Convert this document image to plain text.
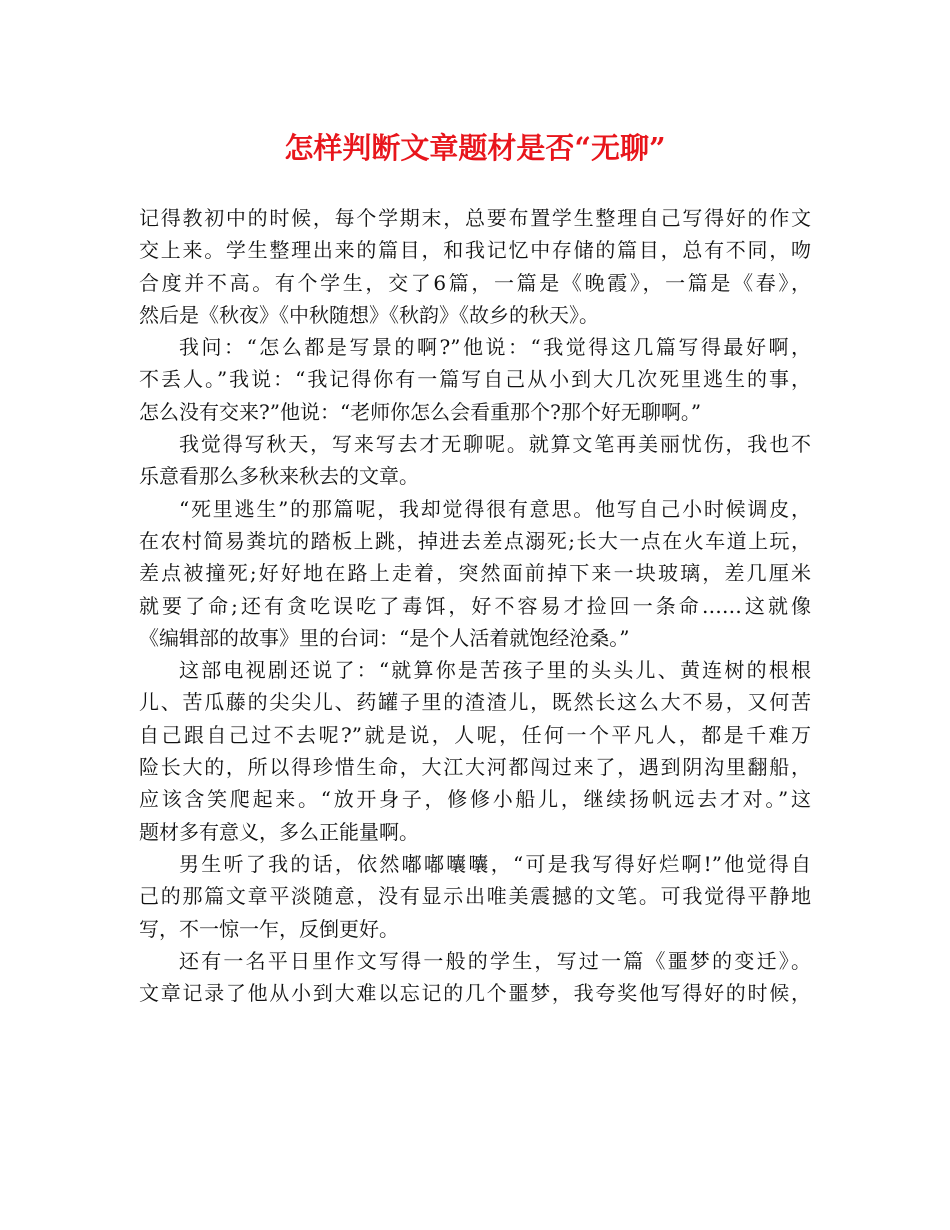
怎样判断文章题材是否“无聊”
记得教初中的时候，每个学期末，总要布置学生整理自己写得好的作文
交上来。学生整理出来的篇目，和我记忆中存储的篇目，总有不同，吻
合度并不高。有个学生，交了6篇，一篇是《晚霞》，一篇是《春》，
然后是《秋夜》《中秋随想》《秋韵》《故乡的秋天》。
我问：“怎么都是写景的啊?”他说：“我觉得这几篇写得最好啊，
不丢人。”我说：“我记得你有一篇写自己从小到大几次死里逃生的事，
怎么没有交来?”他说：“老师你怎么会看重那个?那个好无聊啊。”
我觉得写秋天，写来写去才无聊呢。就算文笔再美丽忧伤，我也不
乐意看那么多秋来秋去的文章。
“死里逃生”的那篇呢，我却觉得很有意思。他写自己小时候调皮，
在农村简易粪坑的踏板上跳，掉进去差点溺死;长大一点在火车道上玩，
差点被撞死;好好地在路上走着，突然面前掉下来一块玻璃，差几厘米
就要了命;还有贪吃误吃了毒饵，好不容易才捡回一条命……这就像
《编辑部的故事》里的台词：“是个人活着就饱经沧桑。”
这部电视剧还说了：“就算你是苦孩子里的头头儿、黄连树的根根
儿、苦瓜藤的尖尖儿、药罐子里的渣渣儿，既然长这么大不易，又何苦
自己跟自己过不去呢?”就是说，人呢，任何一个平凡人，都是千难万
险长大的，所以得珍惜生命，大江大河都闯过来了，遇到阴沟里翻船，
应该含笑爬起来。“放开身子，修修小船儿，继续扬帆远去才对。”这
题材多有意义，多么正能量啊。
男生听了我的话，依然嘟嘟囔囔，“可是我写得好烂啊!”他觉得自
己的那篇文章平淡随意，没有显示出唯美震撼的文笔。可我觉得平静地
写，不一惊一乍，反倒更好。
还有一名平日里作文写得一般的学生，写过一篇《噩梦的变迁》。
文章记录了他从小到大难以忘记的几个噩梦，我夸奖他写得好的时候，
